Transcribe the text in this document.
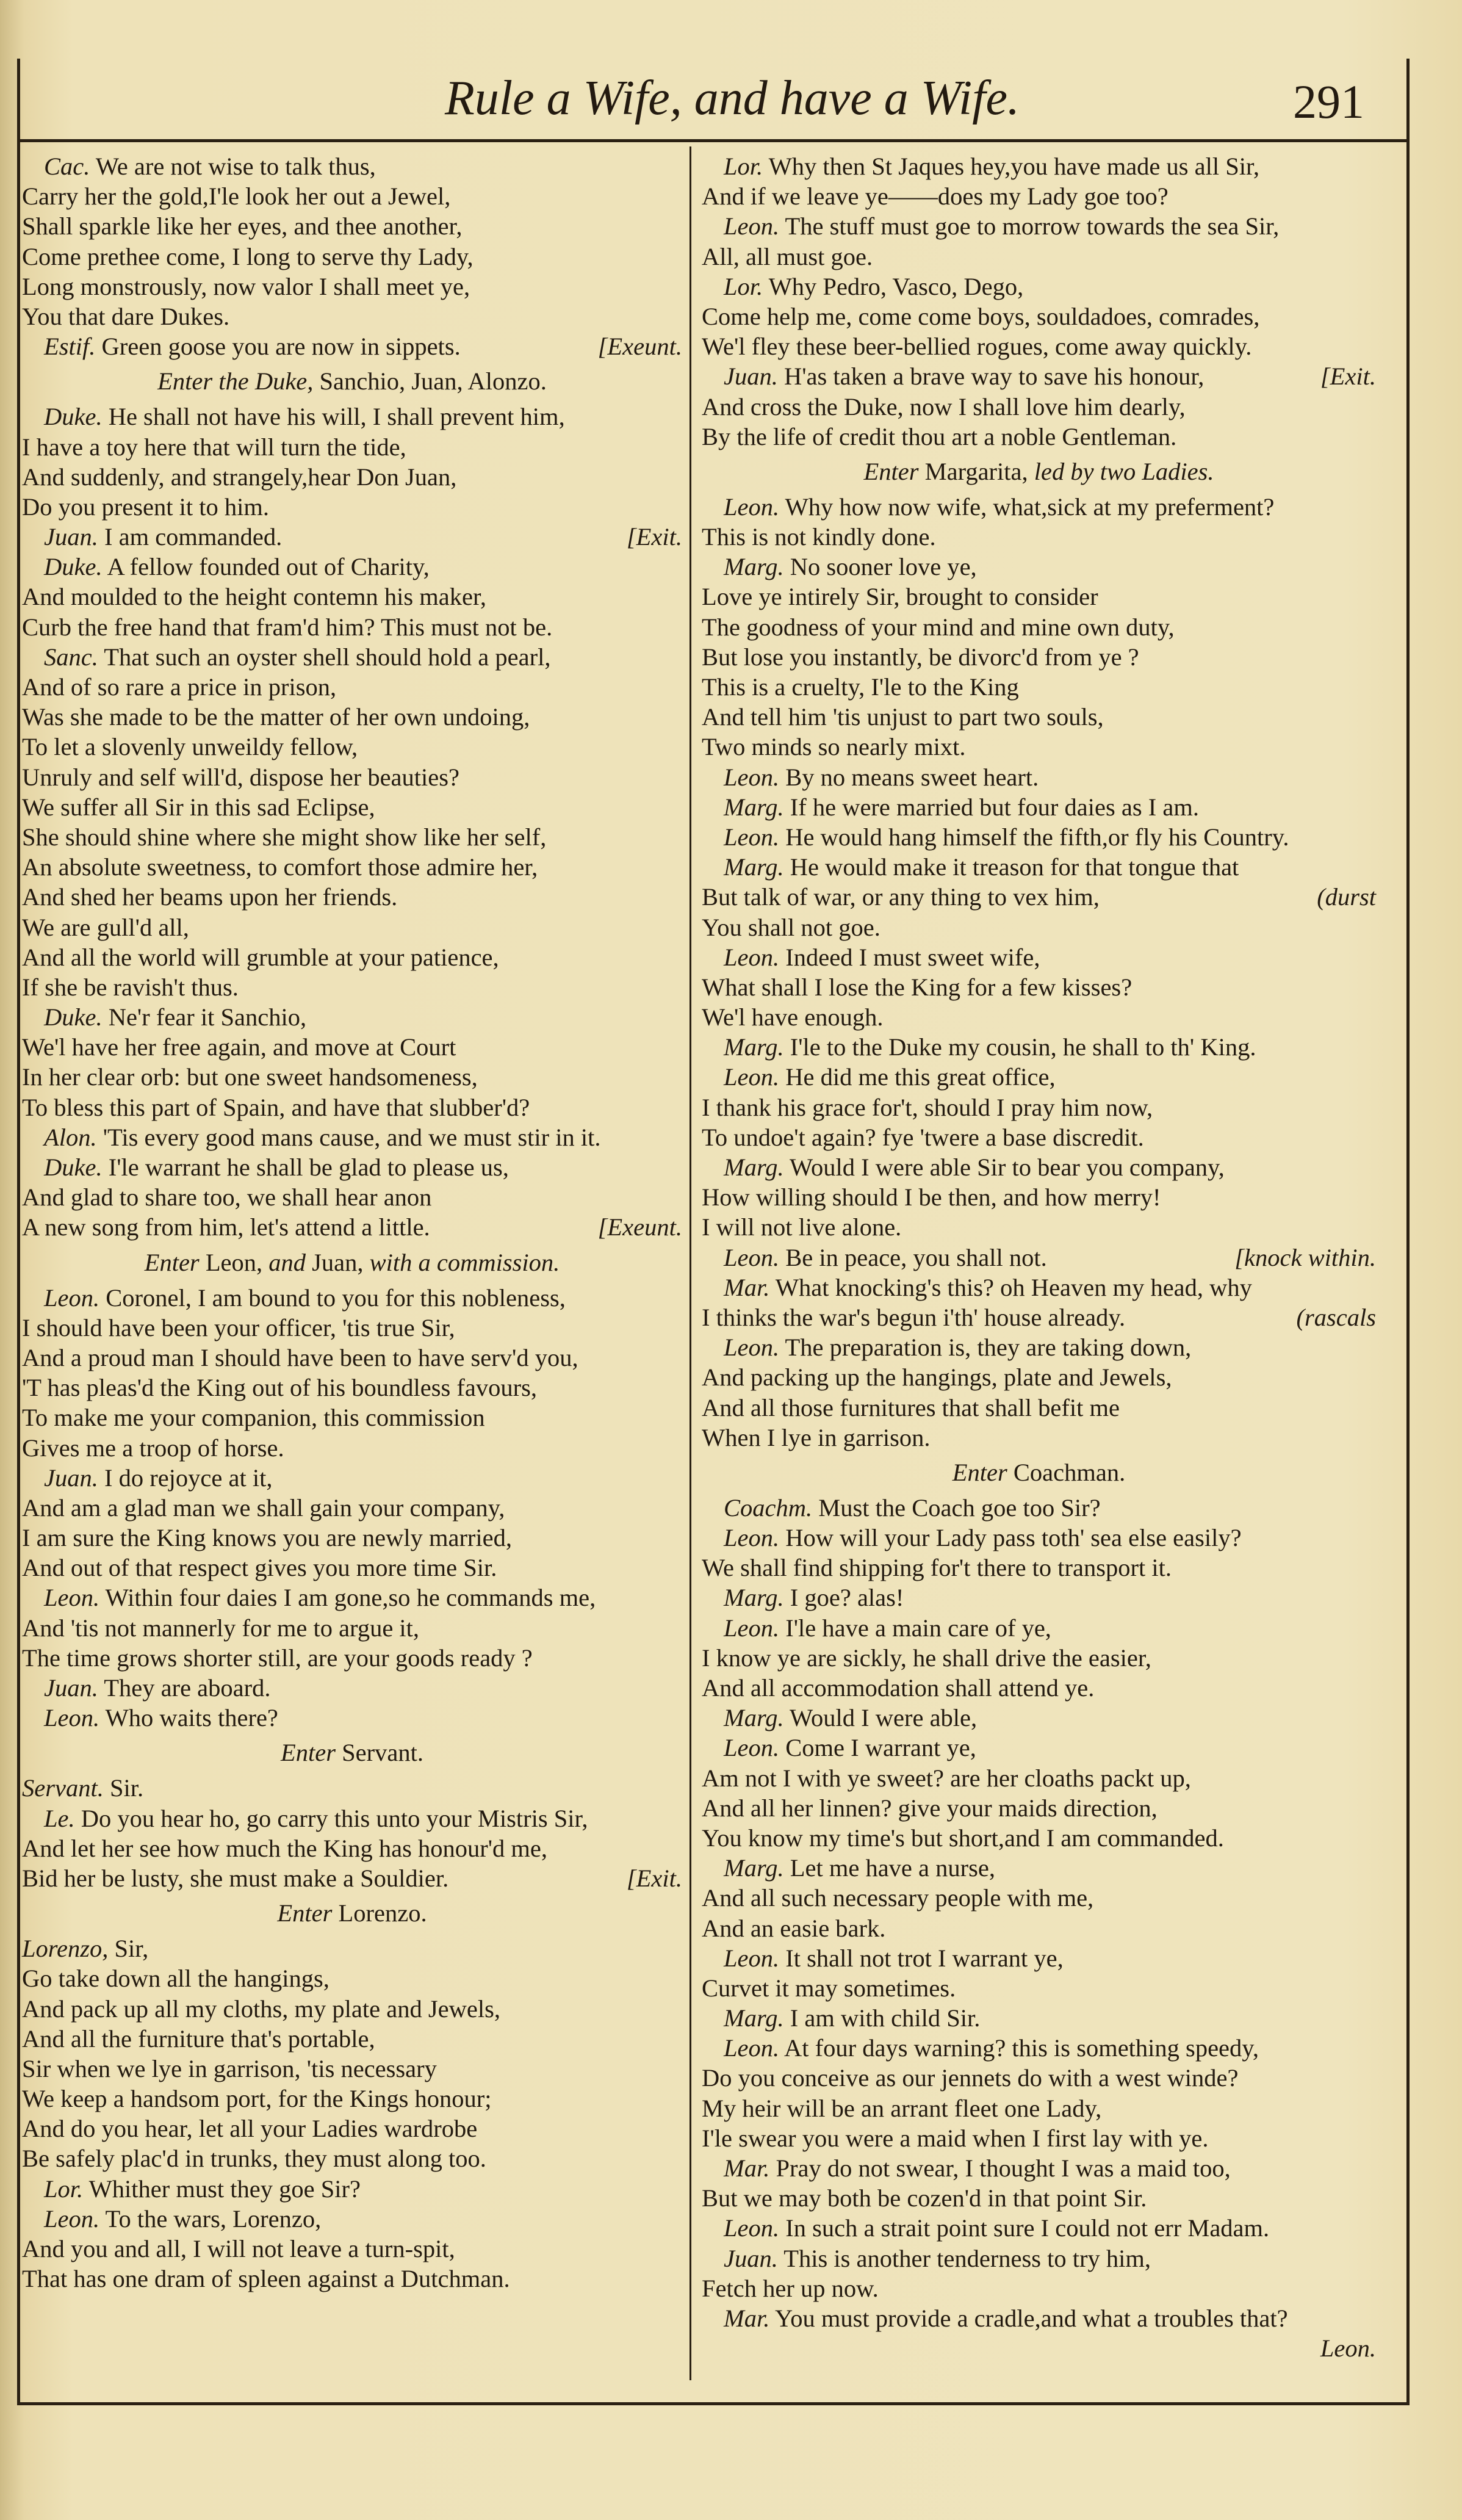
Rule a Wife, and have a Wife.	291
Cac. We are not wise to talk thus,
Carry her the gold,I'le look her out a Jewel,
Shall sparkle like her eyes, and thee another,
Come prethee come, I long to serve thy Lady,
Long monstrously, now valor I shall meet ye,
You that dare Dukes.
Estif. Green goose you are now in sippets.	[Exeunt.
Enter the Duke, Sanchio, Juan, Alonzo.
Duke. He shall not have his will, I shall prevent him,
I have a toy here that will turn the tide,
And suddenly, and strangely,hear Don Juan,
Do you present it to him.
Juan. I am commanded.	[Exit.
Duke. A fellow founded out of Charity,
And moulded to the height contemn his maker,
Curb the free hand that fram'd him? This must not be.
Sanc. That such an oyster shell should hold a pearl,
And of so rare a price in prison,
Was she made to be the matter of her own undoing,
To let a slovenly unweildy fellow,
Unruly and self will'd, dispose her beauties?
We suffer all Sir in this sad Eclipse,
She should shine where she might show like her self,
An absolute sweetness, to comfort those admire her,
And shed her beams upon her friends.
We are gull'd all,
And all the world will grumble at your patience,
If she be ravish't thus.
Duke. Ne'r fear it Sanchio,
We'l have her free again, and move at Court
In her clear orb: but one sweet handsomeness,
To bless this part of Spain, and have that slubber'd?
Alon. 'Tis every good mans cause, and we must stir in it.
Duke. I'le warrant he shall be glad to please us,
And glad to share too, we shall hear anon
A new song from him, let's attend a little.	[Exeunt.
Enter Leon, and Juan, with a commission.
Leon. Coronel, I am bound to you for this nobleness,
I should have been your officer, 'tis true Sir,
And a proud man I should have been to have serv'd you,
'T has pleas'd the King out of his boundless favours,
To make me your companion, this commission
Gives me a troop of horse.
Juan. I do rejoyce at it,
And am a glad man we shall gain your company,
I am sure the King knows you are newly married,
And out of that respect gives you more time Sir.
Leon. Within four daies I am gone,so he commands me,
And 'tis not mannerly for me to argue it,
The time grows shorter still, are your goods ready ?
Juan. They are aboard.
Leon. Who waits there?
Enter Servant.
Servant. Sir.
Le. Do you hear ho, go carry this unto your Mistris Sir,
And let her see how much the King has honour'd me,
Bid her be lusty, she must make a Souldier.	[Exit.
Enter Lorenzo.
Lorenzo, Sir,
Go take down all the hangings,
And pack up all my cloths, my plate and Jewels,
And all the furniture that's portable,
Sir when we lye in garrison, 'tis necessary
We keep a handsom port, for the Kings honour;
And do you hear, let all your Ladies wardrobe
Be safely plac'd in trunks, they must along too.
Lor. Whither must they goe Sir?
Leon. To the wars, Lorenzo,
And you and all, I will not leave a turn-spit,
That has one dram of spleen against a Dutchman.
Lor. Why then St Jaques hey,you have made us all Sir,
And if we leave ye——does my Lady goe too?
Leon. The stuff must goe to morrow towards the sea Sir,
All, all must goe.
Lor. Why Pedro, Vasco, Dego,
Come help me, come come boys, souldadoes, comrades,
We'l fley these beer-bellied rogues, come away quickly.
Juan. H'as taken a brave way to save his honour,	[Exit.
And cross the Duke, now I shall love him dearly,
By the life of credit thou art a noble Gentleman.
Enter Margarita, led by two Ladies.
Leon. Why how now wife, what,sick at my preferment?
This is not kindly done.
Marg. No sooner love ye,
Love ye intirely Sir, brought to consider
The goodness of your mind and mine own duty,
But lose you instantly, be divorc'd from ye ?
This is a cruelty, I'le to the King
And tell him 'tis unjust to part two souls,
Two minds so nearly mixt.
Leon. By no means sweet heart.
Marg. If he were married but four daies as I am.
Leon. He would hang himself the fifth,or fly his Country.
Marg. He would make it treason for that tongue that
But talk of war, or any thing to vex him,	(durst
You shall not goe.
Leon. Indeed I must sweet wife,
What shall I lose the King for a few kisses?
We'l have enough.
Marg. I'le to the Duke my cousin, he shall to th' King.
Leon. He did me this great office,
I thank his grace for't, should I pray him now,
To undoe't again? fye 'twere a base discredit.
Marg. Would I were able Sir to bear you company,
How willing should I be then, and how merry!
I will not live alone.
Leon. Be in peace, you shall not.	[knock within.
Mar. What knocking's this? oh Heaven my head, why
I thinks the war's begun i'th' house already.	(rascals
Leon. The preparation is, they are taking down,
And packing up the hangings, plate and Jewels,
And all those furnitures that shall befit me
When I lye in garrison.
Enter Coachman.
Coachm. Must the Coach goe too Sir?
Leon. How will your Lady pass toth' sea else easily?
We shall find shipping for't there to transport it.
Marg. I goe? alas!
Leon. I'le have a main care of ye,
I know ye are sickly, he shall drive the easier,
And all accommodation shall attend ye.
Marg. Would I were able,
Leon. Come I warrant ye,
Am not I with ye sweet? are her cloaths packt up,
And all her linnen? give your maids direction,
You know my time's but short,and I am commanded.
Marg. Let me have a nurse,
And all such necessary people with me,
And an easie bark.
Leon. It shall not trot I warrant ye,
Curvet it may sometimes.
Marg. I am with child Sir.
Leon. At four days warning? this is something speedy,
Do you conceive as our jennets do with a west winde?
My heir will be an arrant fleet one Lady,
I'le swear you were a maid when I first lay with ye.
Mar. Pray do not swear, I thought I was a maid too,
But we may both be cozen'd in that point Sir.
Leon. In such a strait point sure I could not err Madam.
Juan. This is another tenderness to try him,
Fetch her up now.
Mar. You must provide a cradle,and what a troubles that?
Leon.
